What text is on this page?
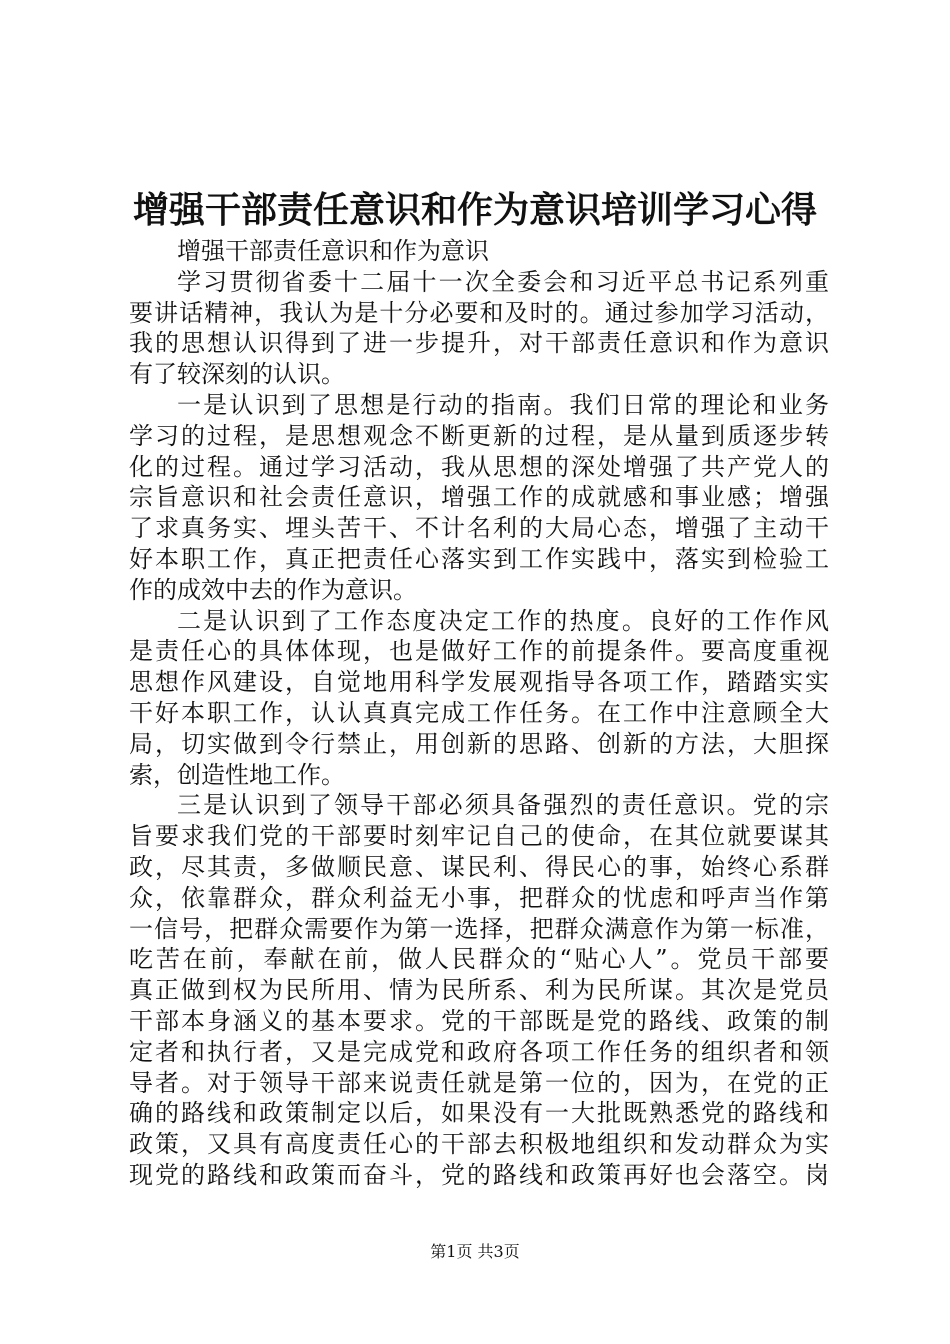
增强干部责任意识和作为意识培训学习心得
增强干部责任意识和作为意识
学习贯彻省委十二届十一次全委会和习近平总书记系列重
要讲话精神，我认为是十分必要和及时的。通过参加学习活动，
我的思想认识得到了进一步提升，对干部责任意识和作为意识
有了较深刻的认识。
一是认识到了思想是行动的指南。我们日常的理论和业务
学习的过程，是思想观念不断更新的过程，是从量到质逐步转
化的过程。通过学习活动，我从思想的深处增强了共产党人的
宗旨意识和社会责任意识，增强工作的成就感和事业感；增强
了求真务实、埋头苦干、不计名利的大局心态，增强了主动干
好本职工作，真正把责任心落实到工作实践中，落实到检验工
作的成效中去的作为意识。
二是认识到了工作态度决定工作的热度。良好的工作作风
是责任心的具体体现，也是做好工作的前提条件。要高度重视
思想作风建设，自觉地用科学发展观指导各项工作，踏踏实实
干好本职工作，认认真真完成工作任务。在工作中注意顾全大
局，切实做到令行禁止，用创新的思路、创新的方法，大胆探
索，创造性地工作。
三是认识到了领导干部必须具备强烈的责任意识。党的宗
旨要求我们党的干部要时刻牢记自己的使命，在其位就要谋其
政，尽其责，多做顺民意、谋民利、得民心的事，始终心系群
众，依靠群众，群众利益无小事，把群众的忧虑和呼声当作第
一信号，把群众需要作为第一选择，把群众满意作为第一标准，
吃苦在前，奉献在前，做人民群众的“贴心人”。党员干部要
真正做到权为民所用、情为民所系、利为民所谋。其次是党员
干部本身涵义的基本要求。党的干部既是党的路线、政策的制
定者和执行者，又是完成党和政府各项工作任务的组织者和领
导者。对于领导干部来说责任就是第一位的，因为，在党的正
确的路线和政策制定以后，如果没有一大批既熟悉党的路线和
政策，又具有高度责任心的干部去积极地组织和发动群众为实
现党的路线和政策而奋斗，党的路线和政策再好也会落空。岗
第1页 共3页
